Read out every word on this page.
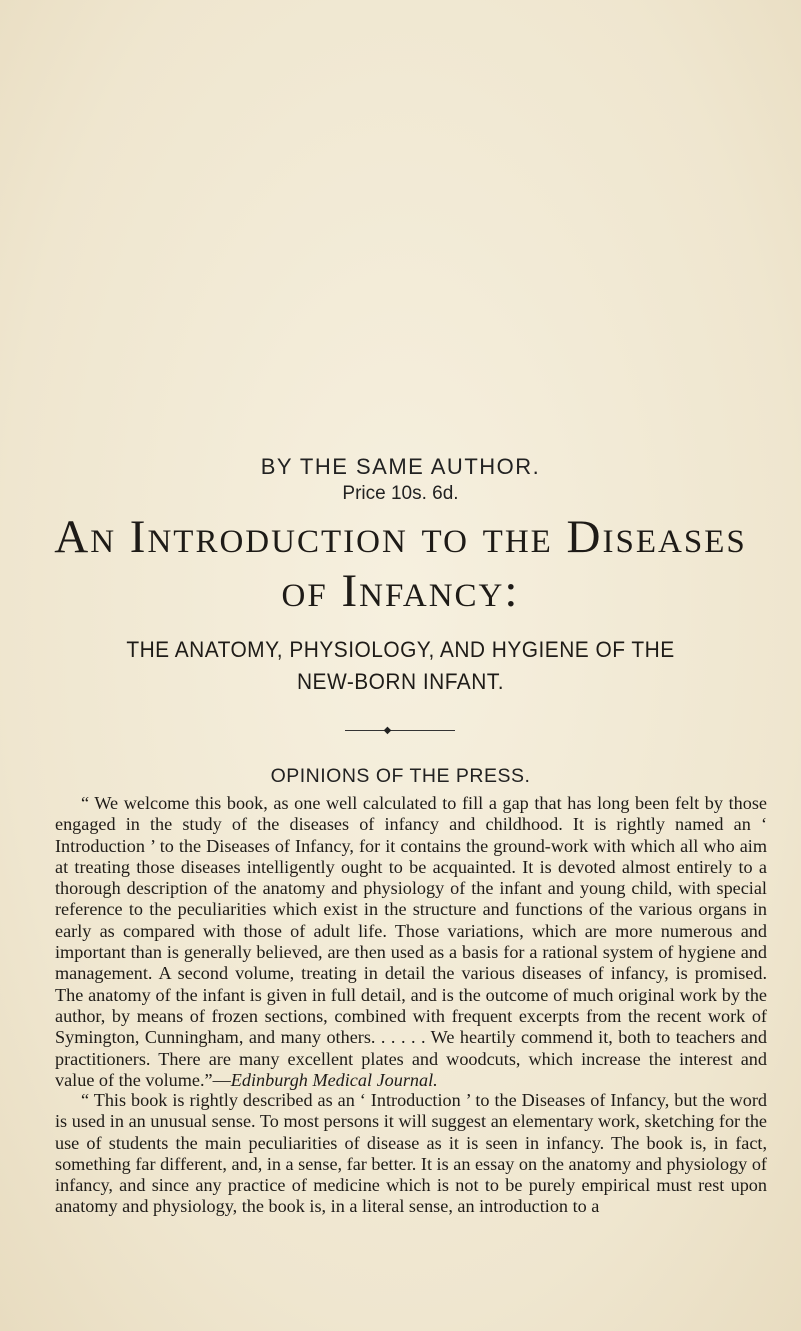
BY THE SAME AUTHOR.
Price 10s. 6d.
An Introduction to the Diseases
of Infancy:
THE ANATOMY, PHYSIOLOGY, AND HYGIENE OF THE
NEW-BORN INFANT.
◆
OPINIONS OF THE PRESS.
“ We welcome this book, as one well calculated to fill a gap that has long been felt by those engaged in the study of the diseases of infancy and childhood. It is rightly named an ‘ Introduction ’ to the Diseases of Infancy, for it contains the ground-work with which all who aim at treating those diseases intelligently ought to be acquainted. It is devoted almost entirely to a thorough description of the anatomy and physiology of the infant and young child, with special reference to the peculiarities which exist in the structure and functions of the various organs in early as compared with those of adult life. Those variations, which are more numerous and important than is generally believed, are then used as a basis for a rational system of hygiene and management. A second volume, treating in detail the various diseases of infancy, is promised. The anatomy of the infant is given in full detail, and is the outcome of much original work by the author, by means of frozen sections, combined with frequent excerpts from the recent work of Symington, Cunningham, and many others. . . . . . We heartily commend it, both to teachers and practitioners. There are many excellent plates and woodcuts, which increase the interest and value of the volume.”—Edinburgh Medical Journal.
“ This book is rightly described as an ‘ Introduction ’ to the Diseases of Infancy, but the word is used in an unusual sense. To most persons it will suggest an elementary work, sketching for the use of students the main peculiarities of disease as it is seen in infancy. The book is, in fact, something far different, and, in a sense, far better. It is an essay on the anatomy and physiology of infancy, and since any practice of medicine which is not to be purely empirical must rest upon anatomy and physiology, the book is, in a literal sense, an introduction to a
